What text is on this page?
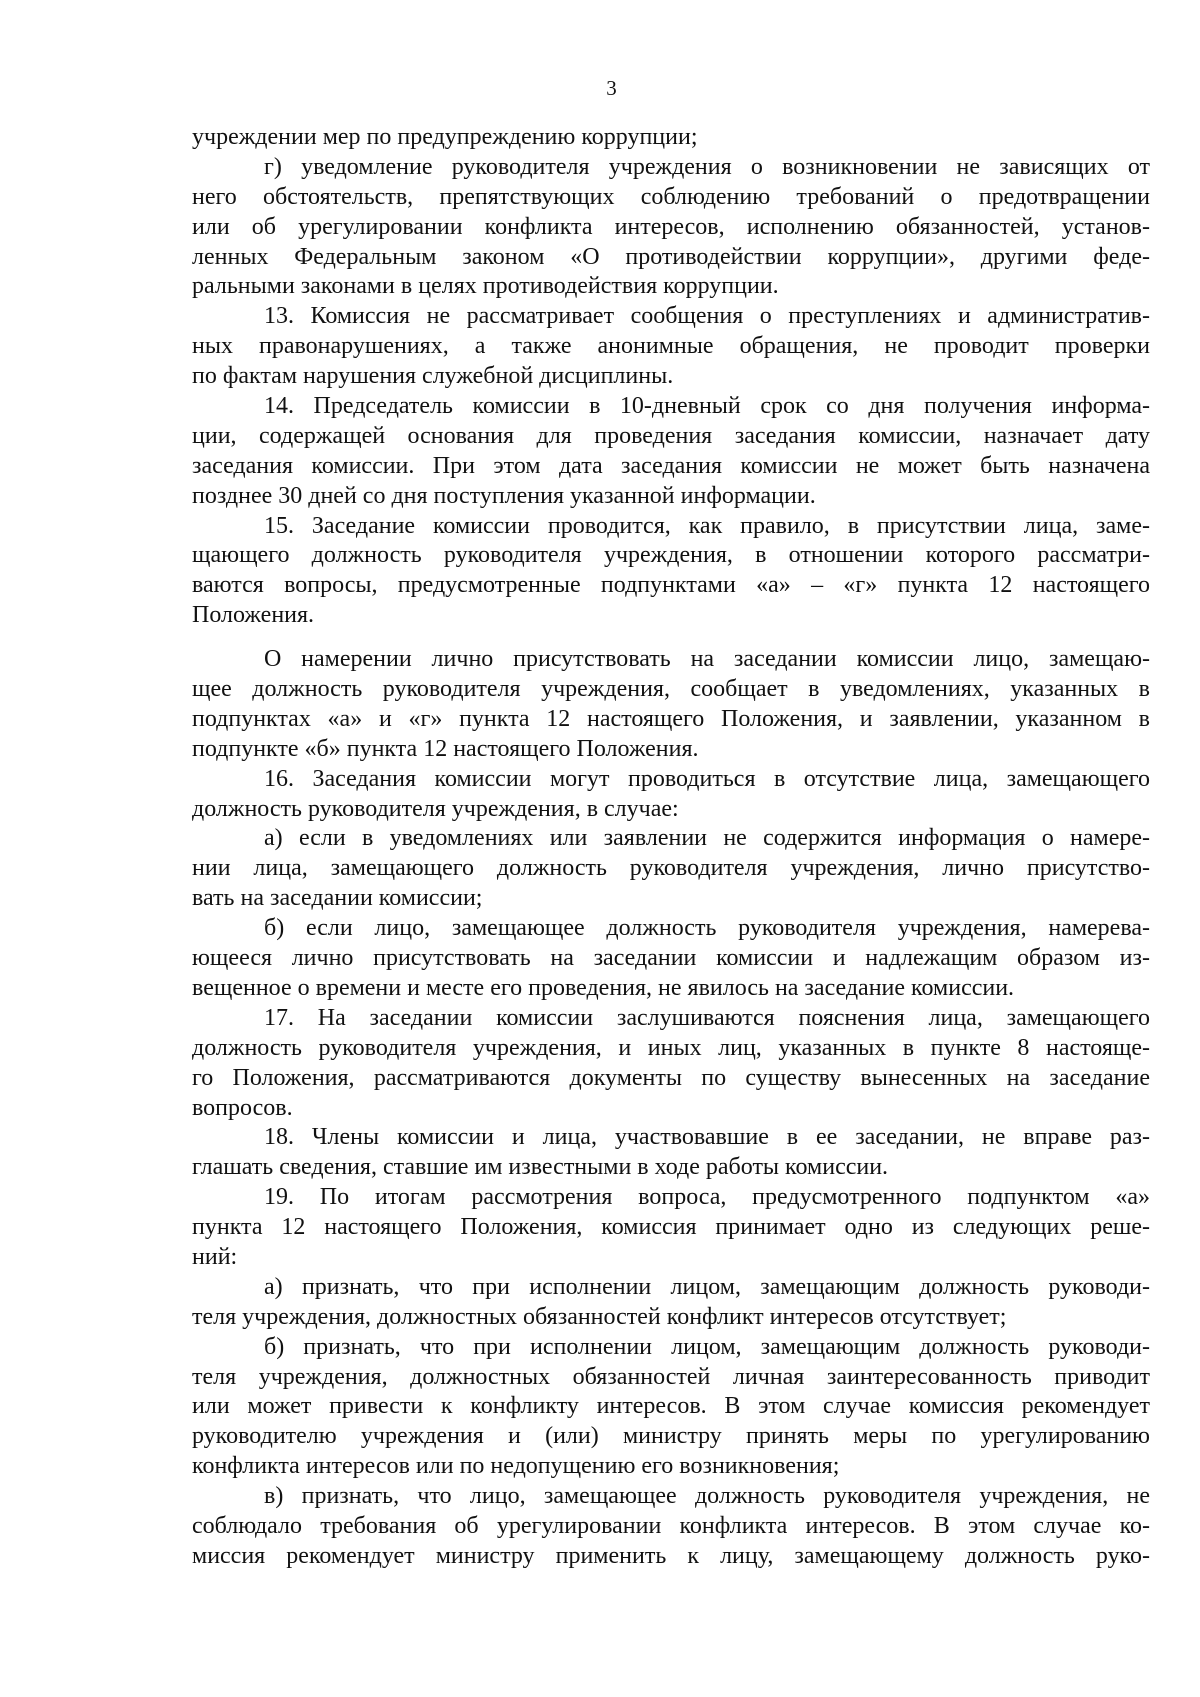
3
учреждении мер по предупреждению коррупции;
г) уведомление руководителя учреждения о возникновении не зависящих от
него обстоятельств, препятствующих соблюдению требований о предотвращении
или об урегулировании конфликта интересов, исполнению обязанностей, установ-
ленных Федеральным законом «О противодействии коррупции», другими феде-
ральными законами в целях противодействия коррупции.
13. Комиссия не рассматривает сообщения о преступлениях и административ-
ных правонарушениях, а также анонимные обращения, не проводит проверки
по фактам нарушения служебной дисциплины.
14. Председатель комиссии в 10-дневный срок со дня получения информа-
ции, содержащей основания для проведения заседания комиссии, назначает дату
заседания комиссии. При этом дата заседания комиссии не может быть назначена
позднее 30 дней со дня поступления указанной информации.
15. Заседание комиссии проводится, как правило, в присутствии лица, заме-
щающего должность руководителя учреждения, в отношении которого рассматри-
ваются вопросы, предусмотренные подпунктами «а» – «г» пункта 12 настоящего
Положения.
О намерении лично присутствовать на заседании комиссии лицо, замещаю-
щее должность руководителя учреждения, сообщает в уведомлениях, указанных в
подпунктах «а» и «г» пункта 12 настоящего Положения, и заявлении, указанном в
подпункте «б» пункта 12 настоящего Положения.
16. Заседания комиссии могут проводиться в отсутствие лица, замещающего
должность руководителя учреждения, в случае:
а) если в уведомлениях или заявлении не содержится информация о намере-
нии лица, замещающего должность руководителя учреждения, лично присутство-
вать на заседании комиссии;
б) если лицо, замещающее должность руководителя учреждения, намерева-
ющееся лично присутствовать на заседании комиссии и надлежащим образом из-
вещенное о времени и месте его проведения, не явилось на заседание комиссии.
17. На заседании комиссии заслушиваются пояснения лица, замещающего
должность руководителя учреждения, и иных лиц, указанных в пункте 8 настояще-
го Положения, рассматриваются документы по существу вынесенных на заседание
вопросов.
18. Члены комиссии и лица, участвовавшие в ее заседании, не вправе раз-
глашать сведения, ставшие им известными в ходе работы комиссии.
19. По итогам рассмотрения вопроса, предусмотренного подпунктом «а»
пункта 12 настоящего Положения, комиссия принимает одно из следующих реше-
ний:
а) признать, что при исполнении лицом, замещающим должность руководи-
теля учреждения, должностных обязанностей конфликт интересов отсутствует;
б) признать, что при исполнении лицом, замещающим должность руководи-
теля учреждения, должностных обязанностей личная заинтересованность приводит
или может привести к конфликту интересов. В этом случае комиссия рекомендует
руководителю учреждения и (или) министру принять меры по урегулированию
конфликта интересов или по недопущению его возникновения;
в) признать, что лицо, замещающее должность руководителя учреждения, не
соблюдало требования об урегулировании конфликта интересов. В этом случае ко-
миссия рекомендует министру применить к лицу, замещающему должность руко-
